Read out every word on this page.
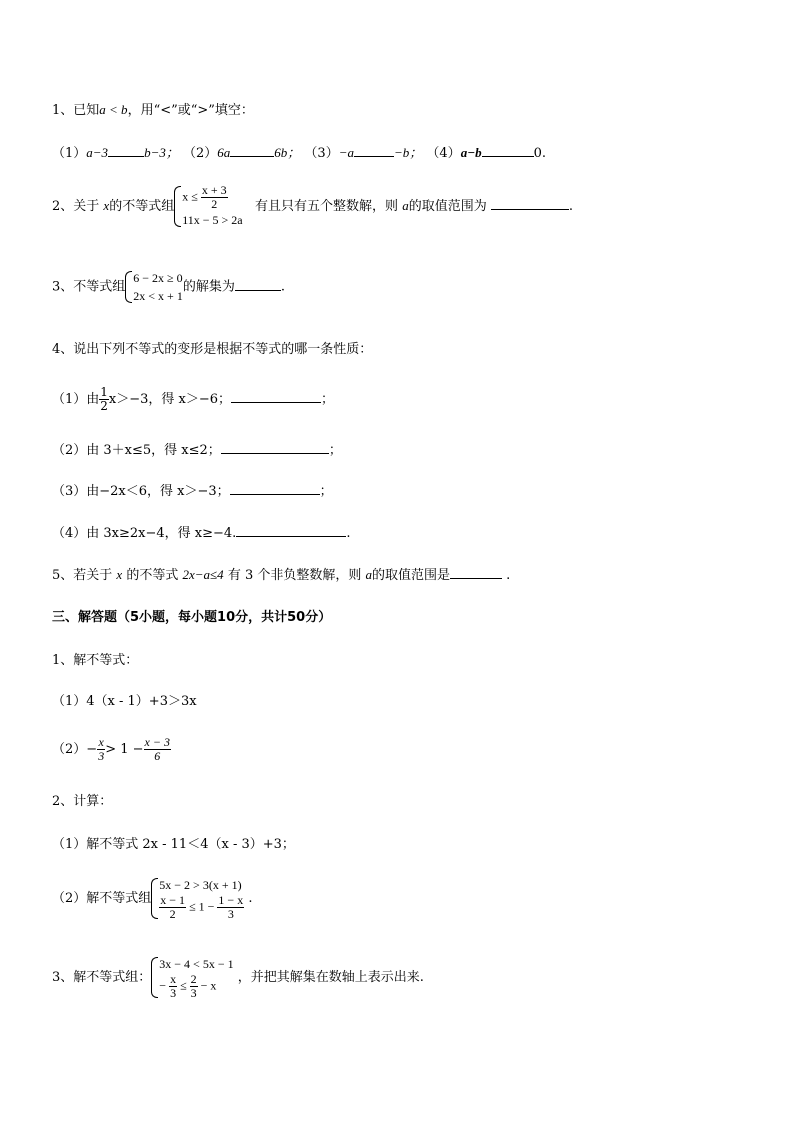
1、已知a < b，用“<”或“>”填空：
（1）a−3	b−3； （2）6a	6b； （3）−a	−b； （4）a−b	0.
2、关于 x的不等式组
$x \le \frac{x + 3}{2}$
11x − 5 > 2a
有且只有五个整数解，则 a的取值范围为	.
3、不等式组
6 − 2x ≥ 0
2x < x + 1
的解集为	.
4、说出下列不等式的变形是根据不等式的哪一条性质：
（1）由 $\frac{1}{2} x>-3$，得 x＞−6；	；
（2）由 3＋x≤5，得 x≤2；	；
（3）由−2x＜6，得 x＞−3；	；
（4）由 3x≥2x−4，得 x≥−4.	.
5、若关于 x 的不等式 2x−a≤4 有 3 个非负整数解，则 a的取值范围是	.
三、解答题（5小题，每小题10分，共计50分）
1、解不等式：
（1）4（x - 1）+3＞3x
$(2)- \frac{x}{3} > 1 - \frac{x - 3}{6}$
2、计算：
（1）解不等式 2x - 11＜4（x - 3）+3；
（2）解不等式组
5x − 2 > 3(x + 1)
$\frac{x - 1}{2} \le 1 - \frac{1 - x}{3}$ .
3、解不等式组：
3x − 4 < 5x − 1
− $\frac{x}{3} \le \frac{2}{3} - x$
，并把其解集在数轴上表示出来.
